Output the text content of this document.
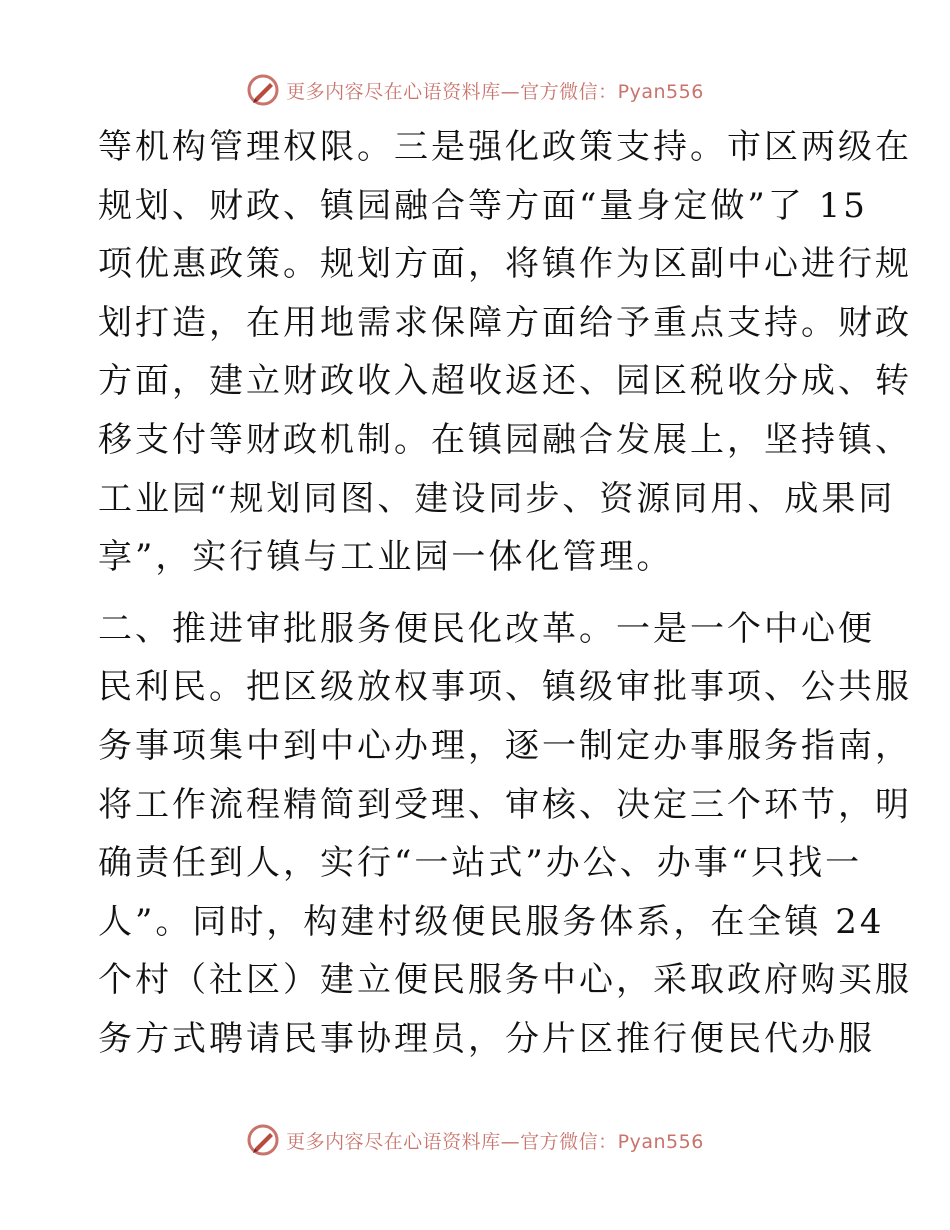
更多内容尽在心语资料库—官方微信：Pyan556

等机构管理权限。三是强化政策支持。市区两级在
规划、财政、镇园融合等方面“量身定做”了 15
项优惠政策。规划方面，将镇作为区副中心进行规
划打造，在用地需求保障方面给予重点支持。财政
方面，建立财政收入超收返还、园区税收分成、转
移支付等财政机制。在镇园融合发展上，坚持镇、
工业园“规划同图、建设同步、资源同用、成果同
享”，实行镇与工业园一体化管理。

二、推进审批服务便民化改革。一是一个中心便
民利民。把区级放权事项、镇级审批事项、公共服
务事项集中到中心办理，逐一制定办事服务指南，
将工作流程精简到受理、审核、决定三个环节，明
确责任到人，实行“一站式”办公、办事“只找一
人”。同时，构建村级便民服务体系，在全镇 24
个村（社区）建立便民服务中心，采取政府购买服
务方式聘请民事协理员，分片区推行便民代办服

更多内容尽在心语资料库—官方微信：Pyan556
